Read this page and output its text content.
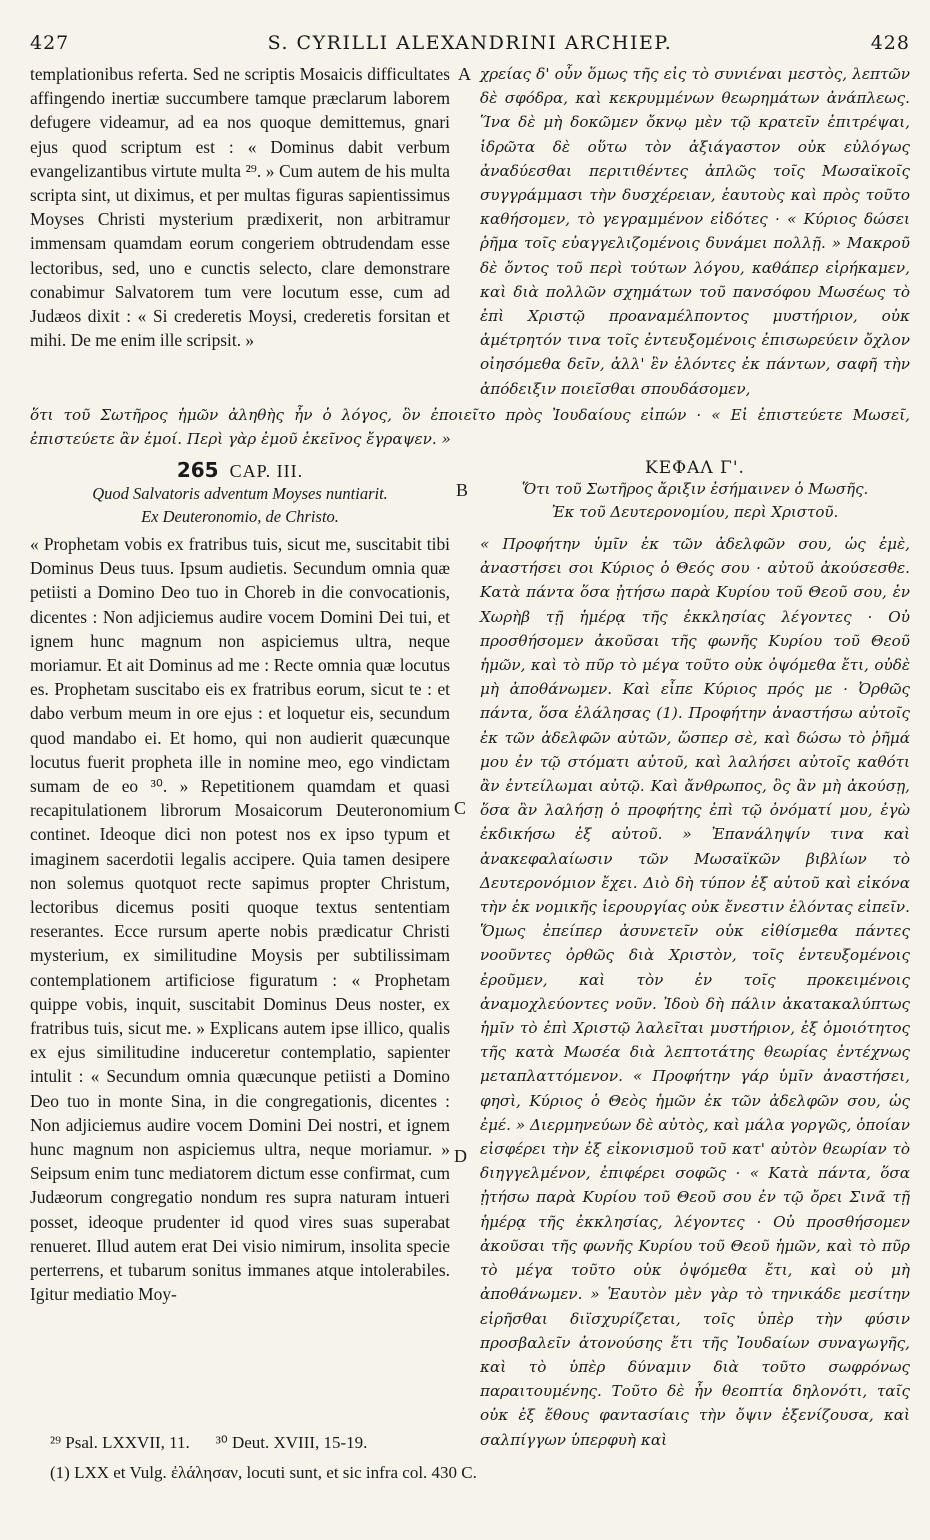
427	S. CYRILLI ALEXANDRINI ARCHIEP.	428

templationibus referta. Sed ne scriptis Mosaicis difficultates affingendo inertiæ succumbere tamque præclarum laborem defugere videamur, ad ea nos quoque demittemus, gnari ejus quod scriptum est : « Dominus dabit verbum evangelizantibus virtute multa ²⁹. » Cum autem de his multa scripta sint, ut diximus, et per multas figuras sapientissimus Moyses Christi mysterium prædixerit, non arbitramur immensam quamdam eorum congeriem obtrudendam esse lectoribus, sed, uno e cunctis selecto, clare demonstrare conabimur Salvatorem tum vere locutum esse, cum ad Judæos dixit : « Si crederetis Moysi, crederetis forsitan et mihi. De me enim ille scripsit. »

A χρείας δ' οὖν ὅμως τῆς εἰς τὸ συνιέναι μεστὸς, λεπτῶν δὲ σφόδρα, καὶ κεκρυμμένων θεωρημάτων ἀνάπλεως. Ἵνα δὲ μὴ δοκῶμεν ὄκνῳ μὲν τῷ κρατεῖν ἐπιτρέψαι, ἱδρῶτα δὲ οὕτω τὸν ἀξιάγαστον οὐκ εὐλόγως ἀναδύεσθαι περιτιθέντες ἀπλῶς τοῖς Μωσαϊκοῖς συγγράμμασι τὴν δυσχέρειαν, ἑαυτοὺς καὶ πρὸς τοῦτο καθήσομεν, τὸ γεγραμμένον εἰδότες · « Κύριος δώσει ῥῆμα τοῖς εὐαγγελιζομένοις δυνάμει πολλῇ. » Μακροῦ δὲ ὄντος τοῦ περὶ τούτων λόγου, καθάπερ εἰρήκαμεν, καὶ διὰ πολλῶν σχημάτων τοῦ πανσόφου Μωσέως τὸ ἐπὶ Χριστῷ προαναμέλποντος μυστήριον, οὐκ ἀμέτρητόν τινα τοῖς ἐντευξομένοις ἐπισωρεύειν ὄχλον οἰησόμεθα δεῖν, ἀλλ' ἓν ἑλόντες ἐκ πάντων, σαφῆ τὴν ἀπόδειξιν ποιεῖσθαι σπουδάσομεν,

ὅτι τοῦ Σωτῆρος ἡμῶν ἀληθὴς ἦν ὁ λόγος, ὃν ἐποιεῖτο πρὸς Ἰουδαίους εἰπών · « Εἰ ἐπιστεύετε Μωσεῖ, ἐπιστεύετε ἂν ἐμοί. Περὶ γὰρ ἐμοῦ ἐκεῖνος ἔγραψεν. »
265 CAP. III.
Quod Salvatoris adventum Moyses nuntiarit.
Ex Deuteronomio, de Christo.
B
ΚΕΦΑΛ Γ'.
Ὅτι τοῦ Σωτῆρος ἄριξιν ἐσήμαινεν ὁ Μωσῆς.
Ἐκ τοῦ Δευτερονομίου, περὶ Χριστοῦ.

« Prophetam vobis ex fratribus tuis, sicut me, suscitabit tibi Dominus Deus tuus. Ipsum audietis. Secundum omnia quæ petiisti a Domino Deo tuo in Choreb in die convocationis, dicentes : Non adjiciemus audire vocem Domini Dei tui, et ignem hunc magnum non aspiciemus ultra, neque moriamur. Et ait Dominus ad me : Recte omnia quæ locutus es. Prophetam suscitabo eis ex fratribus eorum, sicut te : et dabo verbum meum in ore ejus : et loquetur eis, secundum quod mandabo ei. Et homo, qui non audierit quæcunque locutus fuerit propheta ille in nomine meo, ego vindictam sumam de eo ³⁰. » Repetitionem quamdam et quasi recapitulationem librorum Mosaicorum Deuteronomium continet. Ideoque dici non potest nos ex ipso typum et imaginem sacerdotii legalis accipere. Quia tamen desipere non solemus quotquot recte sapimus propter Christum, lectoribus dicemus positi quoque textus sententiam reserantes. Ecce rursum aperte nobis prædicatur Christi mysterium, ex similitudine Moysis per subtilissimam contemplationem artificiose figuratum : « Prophetam quippe vobis, inquit, suscitabit Dominus Deus noster, ex fratribus tuis, sicut me. » Explicans autem ipse illico, qualis ex ejus similitudine induceretur contemplatio, sapienter intulit : « Secundum omnia quæcunque petiisti a Domino Deo tuo in monte Sina, in die congregationis, dicentes : Non adjiciemus audire vocem Domini Dei nostri, et ignem hunc magnum non aspiciemus ultra, neque moriamur. » Seipsum enim tunc mediatorem dictum esse confirmat, cum Judæorum congregatio nondum res supra naturam intueri posset, ideoque prudenter id quod vires suas superabat renueret. Illud autem erat Dei visio nimirum, insolita specie perterrens, et tubarum sonitus immanes atque intolerabiles. Igitur mediatio Moy-

C
D

« Προφήτην ὑμῖν ἐκ τῶν ἀδελφῶν σου, ὡς ἐμὲ, ἀναστήσει σοι Κύριος ὁ Θεός σου · αὐτοῦ ἀκούσεσθε. Κατὰ πάντα ὅσα ᾐτήσω παρὰ Κυρίου τοῦ Θεοῦ σου, ἐν Χωρὴβ τῇ ἡμέρᾳ τῆς ἐκκλησίας λέγοντες · Οὐ προσθήσομεν ἀκοῦσαι τῆς φωνῆς Κυρίου τοῦ Θεοῦ ἡμῶν, καὶ τὸ πῦρ τὸ μέγα τοῦτο οὐκ ὀψόμεθα ἔτι, οὐδὲ μὴ ἀποθάνωμεν. Καὶ εἶπε Κύριος πρός με · Ὀρθῶς πάντα, ὅσα ἐλάλησας (1). Προφήτην ἀναστήσω αὐτοῖς ἐκ τῶν ἀδελφῶν αὐτῶν, ὥσπερ σὲ, καὶ δώσω τὸ ῥῆμά μου ἐν τῷ στόματι αὐτοῦ, καὶ λαλήσει αὐτοῖς καθότι ἂν ἐντείλωμαι αὐτῷ. Καὶ ἄνθρωπος, ὃς ἂν μὴ ἀκούσῃ, ὅσα ἂν λαλήσῃ ὁ προφήτης ἐπὶ τῷ ὀνόματί μου, ἐγὼ ἐκδικήσω ἐξ αὐτοῦ. » Ἐπανάληψίν τινα καὶ ἀνακεφαλαίωσιν τῶν Μωσαϊκῶν βιβλίων τὸ Δευτερονόμιον ἔχει. Διὸ δὴ τύπον ἐξ αὐτοῦ καὶ εἰκόνα τὴν ἐκ νομικῆς ἱερουργίας οὐκ ἔνεστιν ἑλόντας εἰπεῖν. Ὅμως ἐπείπερ ἀσυνετεῖν οὐκ εἰθίσμεθα πάντες νοοῦντες ὀρθῶς διὰ Χριστὸν, τοῖς ἐντευξομένοις ἐροῦμεν, καὶ τὸν ἐν τοῖς προκειμένοις ἀναμοχλεύοντες νοῦν. Ἰδοὺ δὴ πάλιν ἀκατακαλύπτως ἡμῖν τὸ ἐπὶ Χριστῷ λαλεῖται μυστήριον, ἐξ ὁμοιότητος τῆς κατὰ Μωσέα διὰ λεπτοτάτης θεωρίας ἐντέχνως μεταπλαττόμενον. « Προφήτην γάρ ὑμῖν ἀναστήσει, φησὶ, Κύριος ὁ Θεὸς ἡμῶν ἐκ τῶν ἀδελφῶν σου, ὡς ἐμέ. » Διερμηνεύων δὲ αὐτὸς, καὶ μάλα γοργῶς, ὁποίαν εἰσφέρει τὴν ἐξ εἰκονισμοῦ τοῦ κατ' αὐτὸν θεωρίαν τὸ διηγγελμένον, ἐπιφέρει σοφῶς · « Κατὰ πάντα, ὅσα ᾐτήσω παρὰ Κυρίου τοῦ Θεοῦ σου ἐν τῷ ὄρει Σινᾶ τῇ ἡμέρᾳ τῆς ἐκκλησίας, λέγοντες · Οὐ προσθήσομεν ἀκοῦσαι τῆς φωνῆς Κυρίου τοῦ Θεοῦ ἡμῶν, καὶ τὸ πῦρ τὸ μέγα τοῦτο οὐκ ὀψόμεθα ἔτι, καὶ οὐ μὴ ἀποθάνωμεν. » Ἑαυτὸν μὲν γὰρ τὸ τηνικάδε μεσίτην εἰρῆσθαι διϊσχυρίζεται, τοῖς ὑπὲρ τὴν φύσιν προσβαλεῖν ἀτονούσης ἔτι τῆς Ἰουδαίων συναγωγῆς, καὶ τὸ ὑπὲρ δύναμιν διὰ τοῦτο σωφρόνως παραιτουμένης. Τοῦτο δὲ ἦν θεοπτία δηλονότι, ταῖς οὐκ ἐξ ἔθους φαντασίαις τὴν ὄψιν ἐξενίζουσα, καὶ σαλπίγγων ὑπερφυὴ καὶ

²⁹ Psal. LXXVII, 11. ³⁰ Deut. XVIII, 15-19.
(1) LXX et Vulg. ἐλάλησαν, locuti sunt, et sic infra col. 430 C.
